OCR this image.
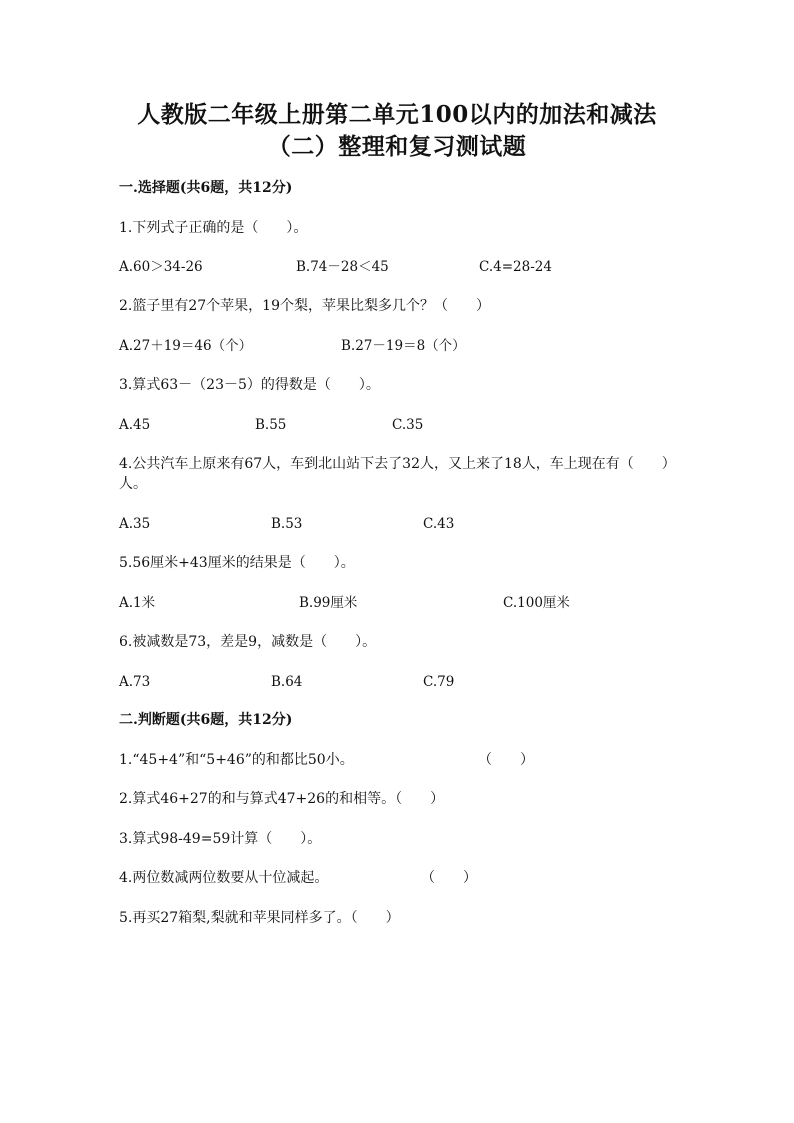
人教版二年级上册第二单元100以内的加法和减法
（二）整理和复习测试题
一.选择题(共6题，共12分)
1.下列式子正确的是（　　）。
A.60＞34-26	B.74－28＜45	C.4=28-24
2.篮子里有27个苹果，19个梨，苹果比梨多几个？（　　）
A.27＋19＝46（个）	B.27－19＝8（个）
3.算式63－（23－5）的得数是（　　）。
A.45	B.55	C.35
4.公共汽车上原来有67人，车到北山站下去了32人，又上来了18人，车上现在有（　　）人。
A.35	B.53	C.43
5.56厘米+43厘米的结果是（　　）。
A.1米	B.99厘米	C.100厘米
6.被减数是73，差是9，减数是（　　）。
A.73	B.64	C.79
二.判断题(共6题，共12分)
1.“45+4”和“5+46”的和都比50小。	（　　）
2.算式46+27的和与算式47+26的和相等。（　　）
3.算式98-49=59计算（　　）。
4.两位数减两位数要从十位减起。	（　　）
5.再买27箱梨,梨就和苹果同样多了。（　　）
